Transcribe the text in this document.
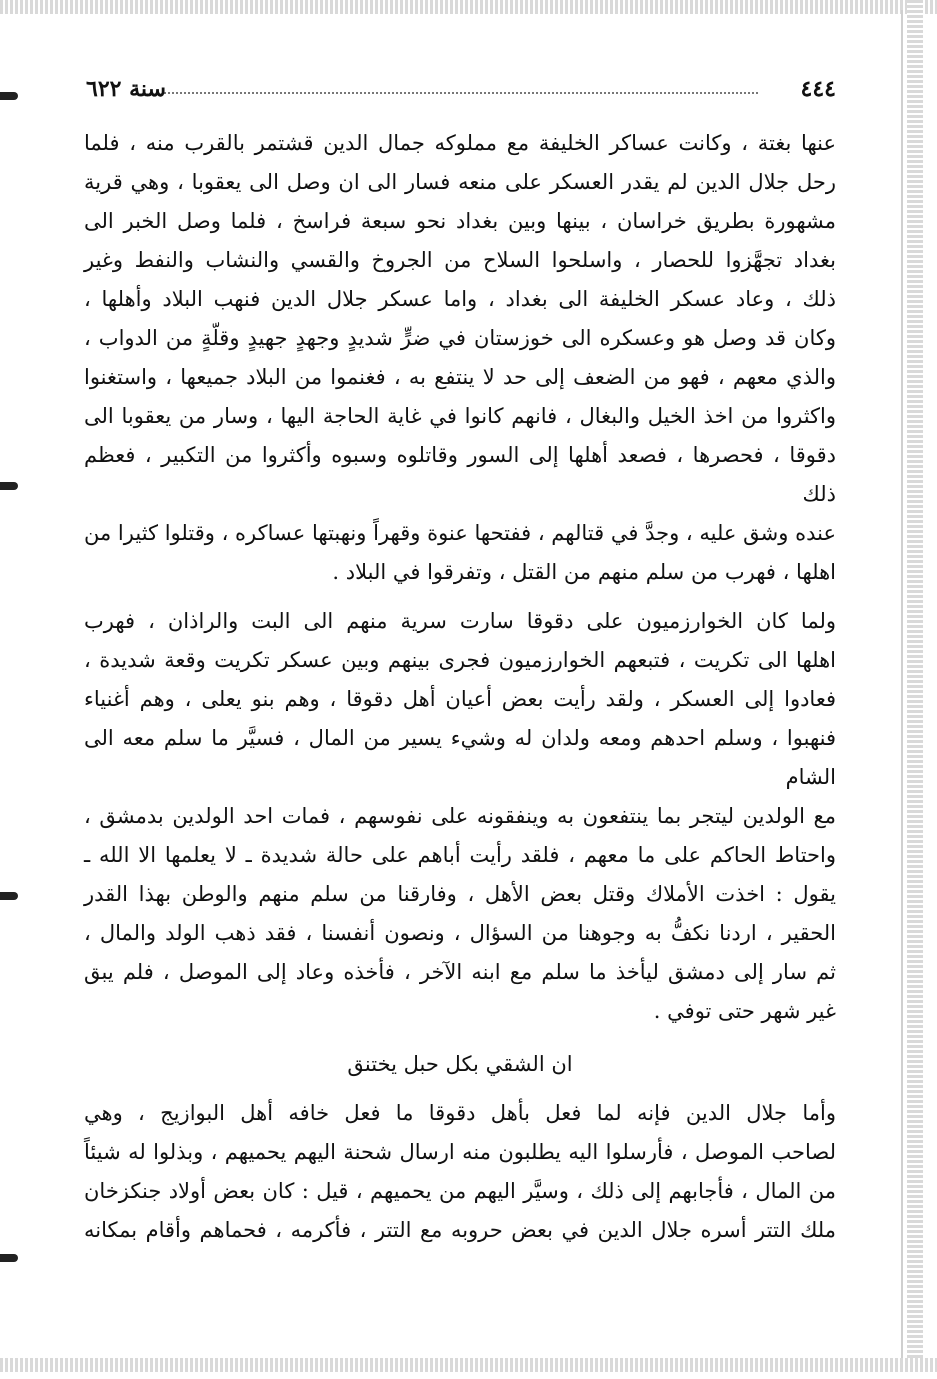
٤٤٤
سنة ٦٢٢
عنها بغتة ، وكانت عساكر الخليفة مع مملوكه جمال الدين قشتمر بالقرب منه ، فلما
رحل جلال الدين لم يقدر العسكر على منعه فسار الى ان وصل الى يعقوبا ، وهي قرية
مشهورة بطريق خراسان ، بينها وبين بغداد نحو سبعة فراسخ ، فلما وصل الخبر الى
بغداد تجهَّزوا للحصار ، واسلحوا السلاح من الجروخ والقسي والنشاب والنفط وغير
ذلك ، وعاد عسكر الخليفة الى بغداد ، واما عسكر جلال الدين فنهب البلاد وأهلها ،
وكان قد وصل هو وعسكره الى خوزستان في ضرٍّ شديدٍ وجهدٍ جهيدٍ وقلّةٍ من الدواب ،
والذي معهم ، فهو من الضعف إلى حد لا ينتفع به ، فغنموا من البلاد جميعها ، واستغنوا
واكثروا من اخذ الخيل والبغال ، فانهم كانوا في غاية الحاجة اليها ، وسار من يعقوبا الى
دقوقا ، فحصرها ، فصعد أهلها إلى السور وقاتلوه وسبوه وأكثروا من التكبير ، فعظم ذلك
عنده وشق عليه ، وجدَّ في قتالهم ، ففتحها عنوة وقهراً ونهبتها عساكره ، وقتلوا كثيرا من
اهلها ، فهرب من سلم منهم من القتل ، وتفرقوا في البلاد .
ولما كان الخوارزميون على دقوقا سارت سرية منهم الى البت والراذان ، فهرب
اهلها الى تكريت ، فتبعهم الخوارزميون فجرى بينهم وبين عسكر تكريت وقعة شديدة ،
فعادوا إلى العسكر ، ولقد رأيت بعض أعيان أهل دقوقا ، وهم بنو يعلى ، وهم أغنياء
فنهبوا ، وسلم احدهم ومعه ولدان له وشيء يسير من المال ، فسيَّر ما سلم معه الى الشام
مع الولدين ليتجر بما ينتفعون به وينفقونه على نفوسهم ، فمات احد الولدين بدمشق ،
واحتاط الحاكم على ما معهم ، فلقد رأيت أباهم على حالة شديدة ـ لا يعلمها الا الله ـ
يقول : اخذت الأملاك وقتل بعض الأهل ، وفارقنا من سلم منهم والوطن بهذا القدر
الحقير ، اردنا نكفُّ به وجوهنا من السؤال ، ونصون أنفسنا ، فقد ذهب الولد والمال ،
ثم سار إلى دمشق ليأخذ ما سلم مع ابنه الآخر ، فأخذه وعاد إلى الموصل ، فلم يبق
غير شهر حتى توفي .
ان الشقي بكل حبل يختنق
وأما جلال الدين فإنه لما فعل بأهل دقوقا ما فعل خافه أهل البوازيج ، وهي
لصاحب الموصل ، فأرسلوا اليه يطلبون منه ارسال شحنة اليهم يحميهم ، وبذلوا له شيئاً
من المال ، فأجابهم إلى ذلك ، وسيَّر اليهم من يحميهم ، قيل : كان بعض أولاد جنكزخان
ملك التتر أسره جلال الدين في بعض حروبه مع التتر ، فأكرمه ، فحماهم وأقام بمكانه
